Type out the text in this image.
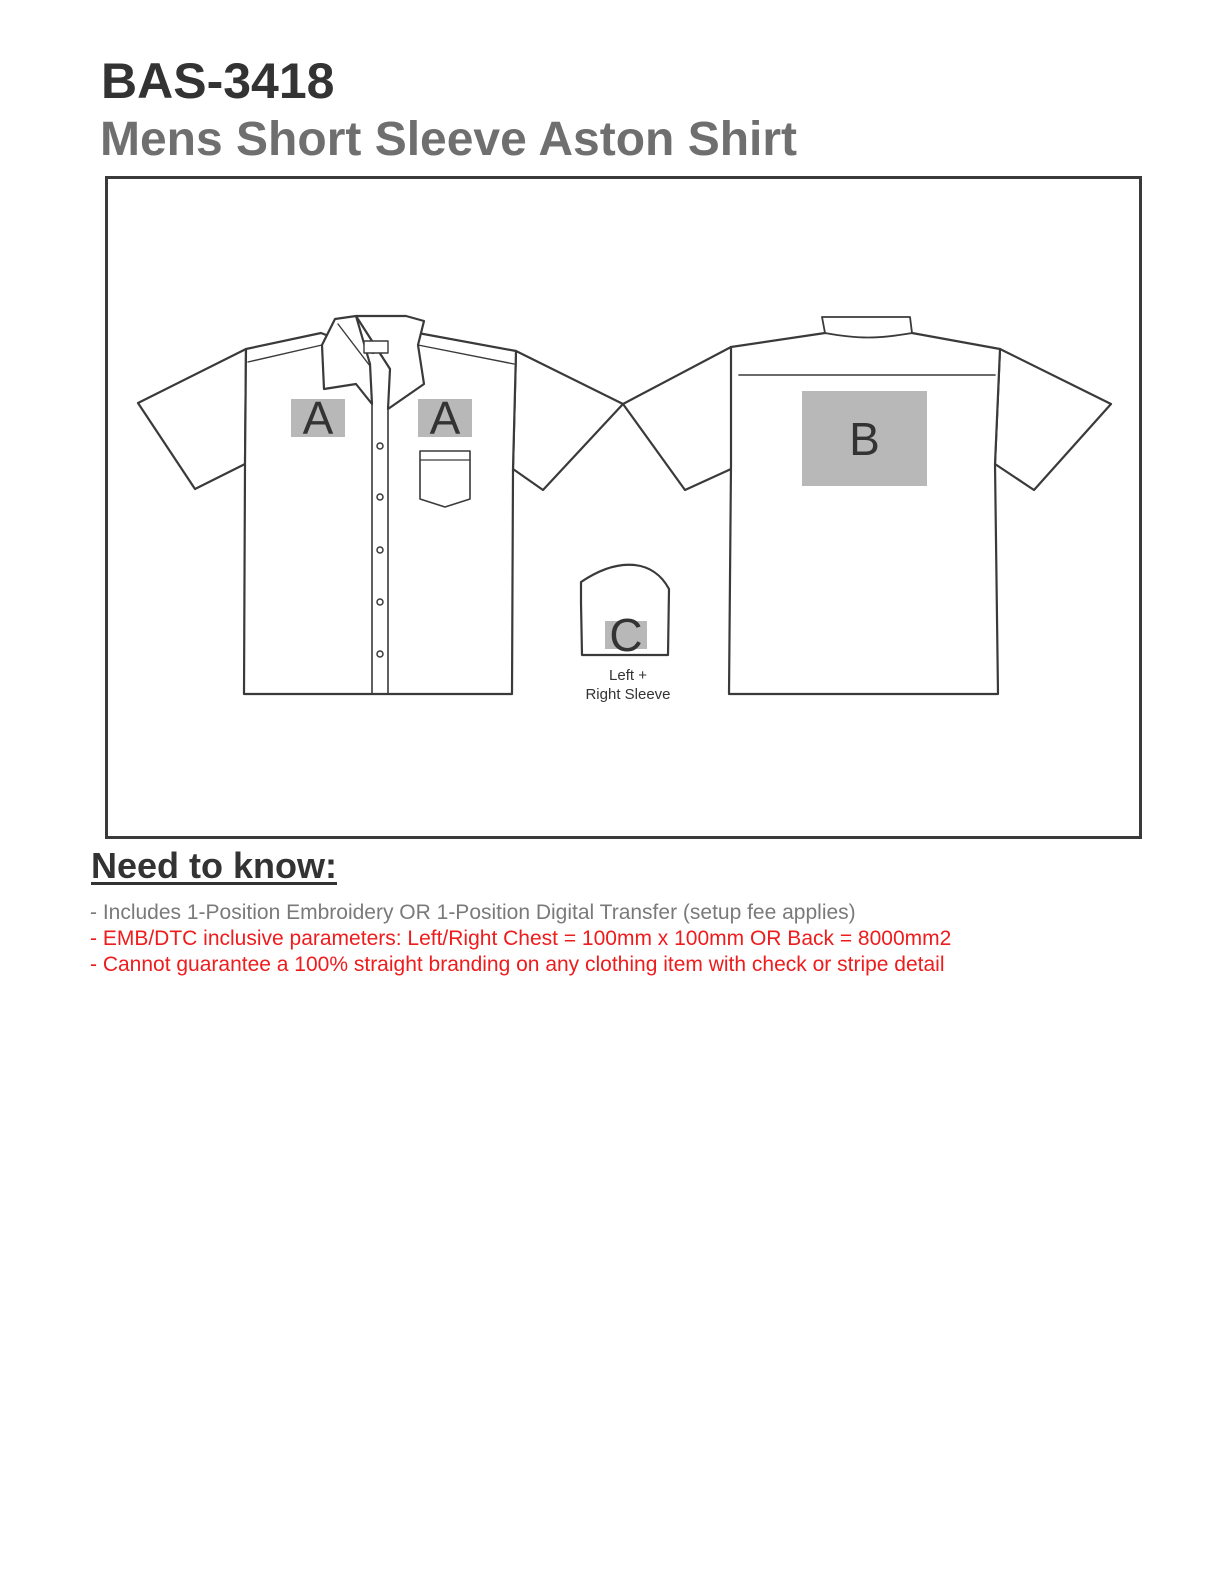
BAS-3418
Mens Short Sleeve Aston Shirt
A A	B
C
Left +
Right Sleeve
Need to know:
- Includes 1-Position Embroidery OR 1-Position Digital Transfer (setup fee applies)
- EMB/DTC inclusive parameters: Left/Right Chest = 100mm x 100mm OR Back = 8000mm2
- Cannot guarantee a 100% straight branding on any clothing item with check or stripe detail
